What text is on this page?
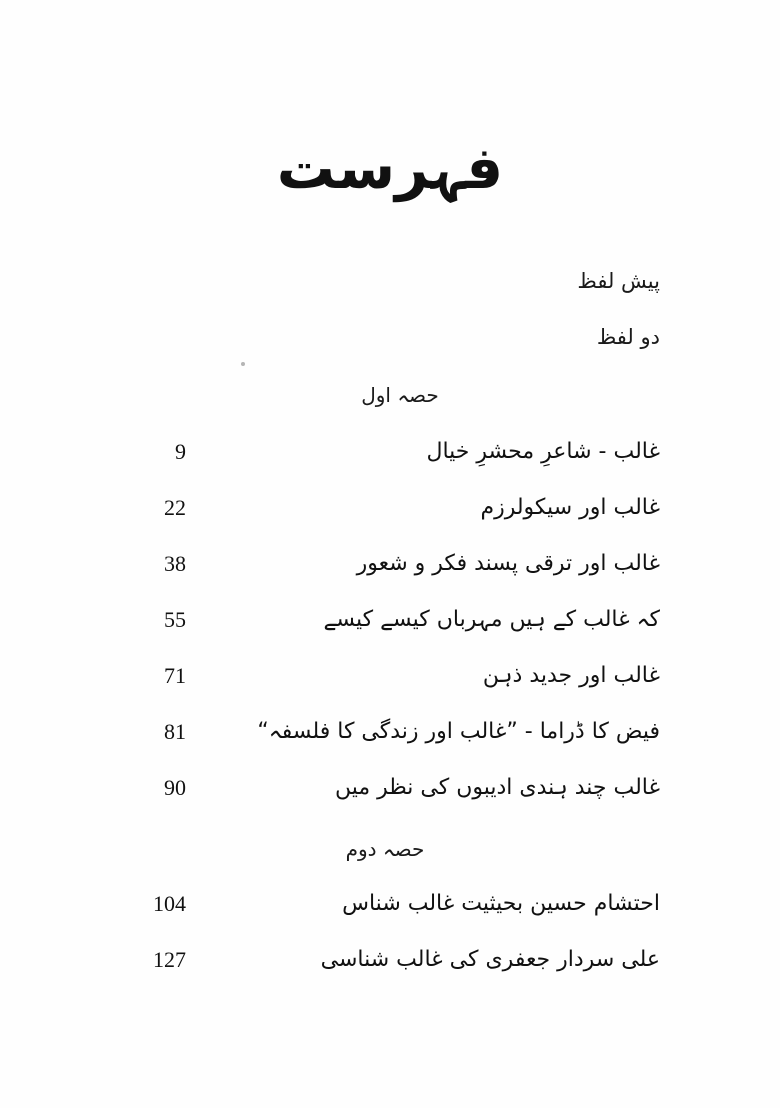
فہرست
پیش لفظ
دو لفظ
حصہ اول
غالب - شاعرِ محشرِ خیال
9
غالب اور سیکولرزم
22
غالب اور ترقی پسند فکر و شعور
38
کہ غالب کے ہیں مہرباں کیسے کیسے
55
غالب اور جدید ذہن
71
فیض کا ڈراما - ”غالب اور زندگی کا فلسفہ“
81
غالب چند ہندی ادیبوں کی نظر میں
90
حصہ دوم
احتشام حسین بحیثیت غالب شناس
104
علی سردار جعفری کی غالب شناسی
127
